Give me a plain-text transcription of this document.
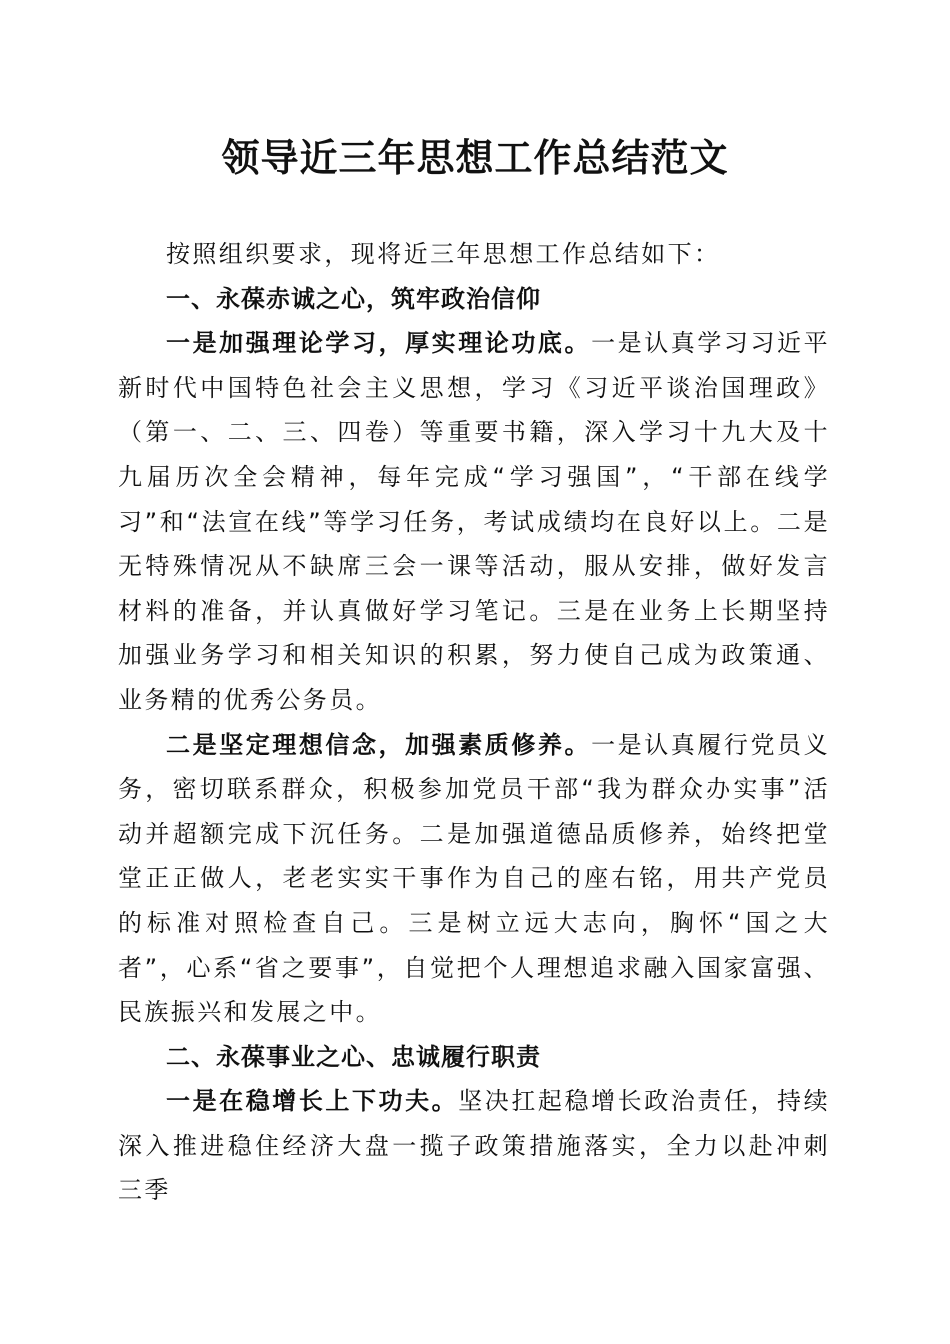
领导近三年思想工作总结范文

按照组织要求，现将近三年思想工作总结如下：

一、永葆赤诚之心，筑牢政治信仰

一是加强理论学习，厚实理论功底。一是认真学习习近平新时代中国特色社会主义思想，学习《习近平谈治国理政》（第一、二、三、四卷）等重要书籍，深入学习十九大及十九届历次全会精神，每年完成“学习强国”，“干部在线学习”和“法宣在线”等学习任务，考试成绩均在良好以上。二是无特殊情况从不缺席三会一课等活动，服从安排，做好发言材料的准备，并认真做好学习笔记。三是在业务上长期坚持加强业务学习和相关知识的积累，努力使自己成为政策通、业务精的优秀公务员。

二是坚定理想信念，加强素质修养。一是认真履行党员义务，密切联系群众，积极参加党员干部“我为群众办实事”活动并超额完成下沉任务。二是加强道德品质修养，始终把堂堂正正做人，老老实实干事作为自己的座右铭，用共产党员的标准对照检查自己。三是树立远大志向，胸怀“国之大者”，心系“省之要事”，自觉把个人理想追求融入国家富强、民族振兴和发展之中。

二、永葆事业之心、忠诚履行职责

一是在稳增长上下功夫。坚决扛起稳增长政治责任，持续深入推进稳住经济大盘一揽子政策措施落实，全力以赴冲刺三季
